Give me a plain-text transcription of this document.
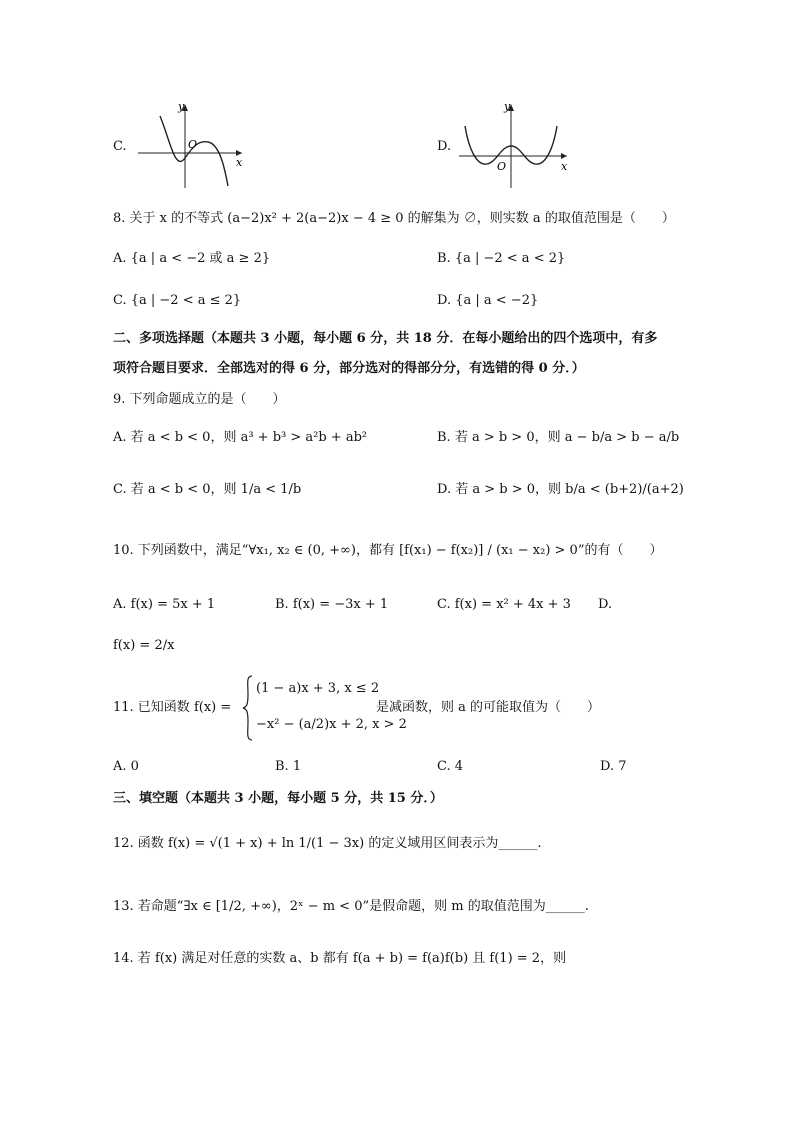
C.
y
x
O	D.
y
x
O
8. 关于 x 的不等式 (a−2)x² + 2(a−2)x − 4 ≥ 0 的解集为 ∅，则实数 a 的取值范围是（　　）
A. {a | a < −2 或 a ≥ 2}	B. {a | −2 < a < 2}
C. {a | −2 < a ≤ 2}	D. {a | a < −2}
二、多项选择题（本题共 3 小题，每小题 6 分，共 18 分．在每小题给出的四个选项中，有多
项符合题目要求．全部选对的得 6 分，部分选对的得部分分，有选错的得 0 分．）
9. 下列命题成立的是（　　）
A. 若 a < b < 0，则 a³ + b³ > a²b + ab²	B. 若 a > b > 0，则 a − b/a > b − a/b
C. 若 a < b < 0，则 1/a < 1/b	D. 若 a > b > 0，则 b/a < (b+2)/(a+2)
10. 下列函数中，满足“∀x₁, x₂ ∈ (0, +∞)，都有 [f(x₁) − f(x₂)] / (x₁ − x₂) > 0”的有（　　）
A. f(x) = 5x + 1	B. f(x) = −3x + 1	C. f(x) = x² + 4x + 3 D.
f(x) = 2/x
11. 已知函数 f(x) =
(1 − a)x + 3, x ≤ 2
−x² − (a/2)x + 2, x > 2
是减函数，则 a 的可能取值为（　　）
A. 0	B. 1	C. 4	D. 7
三、填空题（本题共 3 小题，每小题 5 分，共 15 分．）
12. 函数 f(x) = √(1 + x) + ln 1/(1 − 3x) 的定义域用区间表示为______.
13. 若命题“∃x ∈ [1/2, +∞)，2ˣ − m < 0”是假命题，则 m 的取值范围为______.
14. 若 f(x) 满足对任意的实数 a、b 都有 f(a + b) = f(a)f(b) 且 f(1) = 2，则
